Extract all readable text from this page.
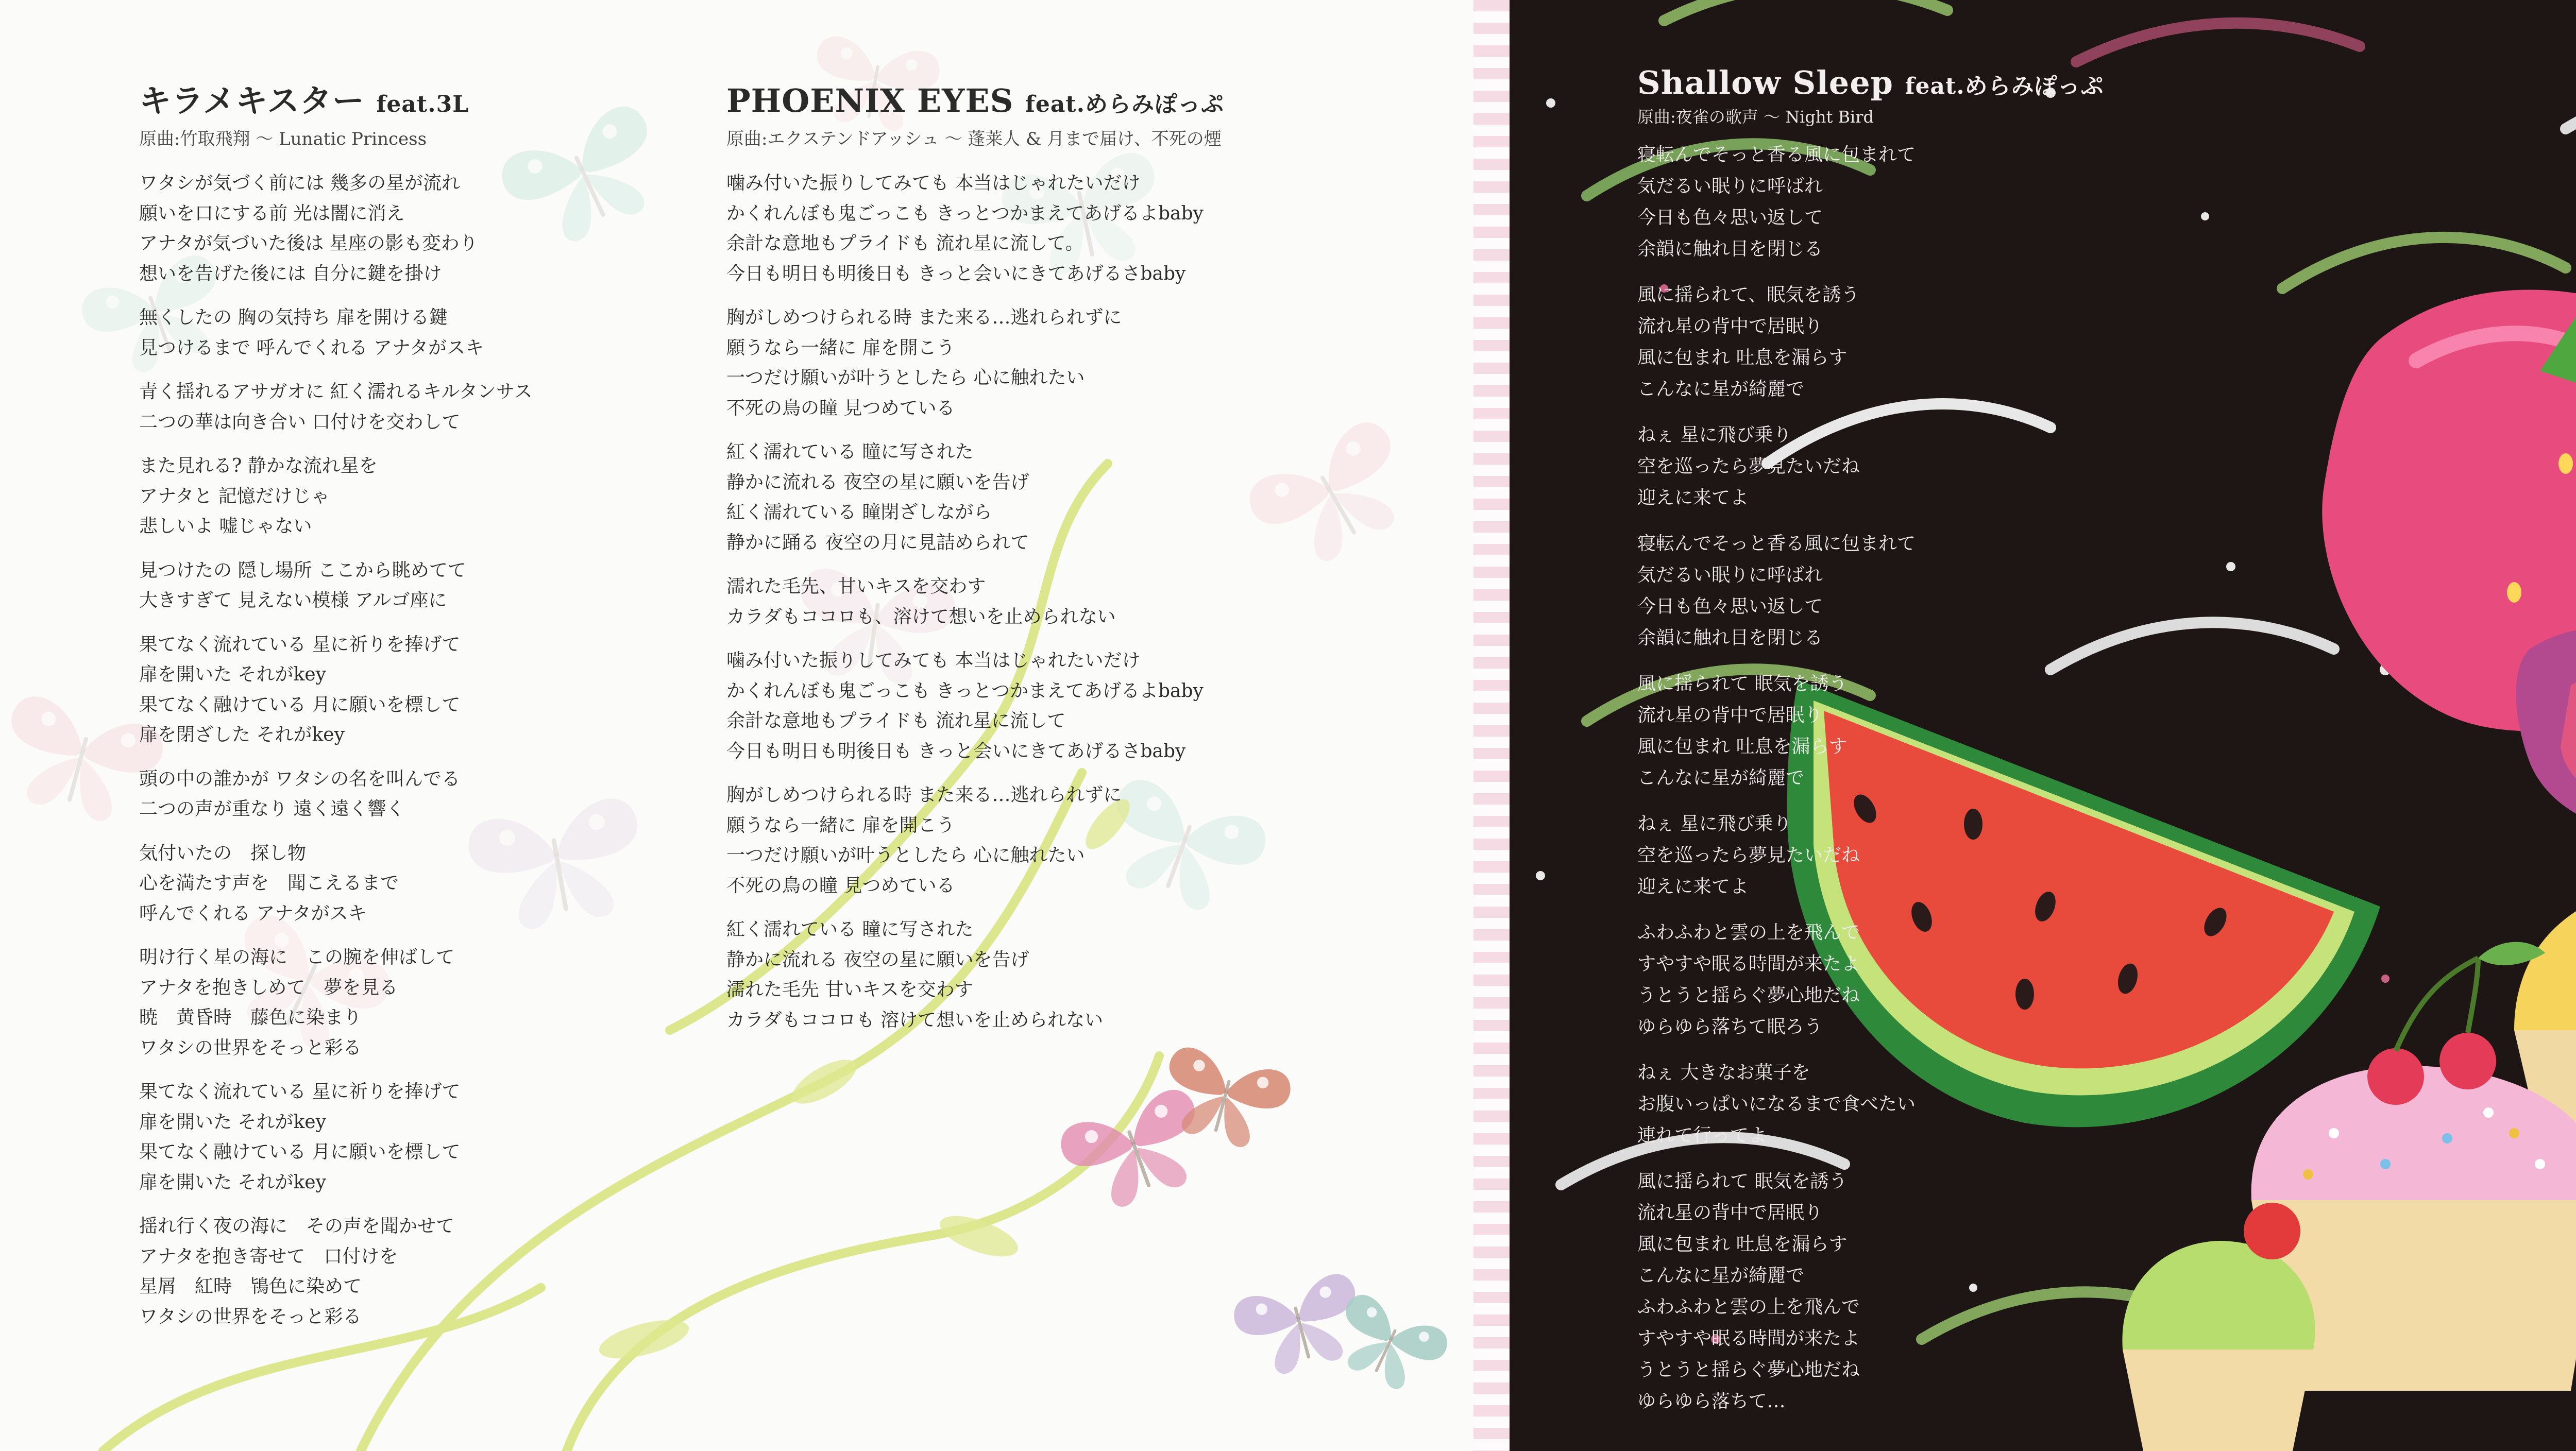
キラメキスター feat.3L
原曲:竹取飛翔 ～ Lunatic Princess
ワタシが気づく前には 幾多の星が流れ
願いを口にする前 光は闇に消え
アナタが気づいた後は 星座の影も変わり
想いを告げた後には 自分に鍵を掛け
無くしたの 胸の気持ち 扉を開ける鍵
見つけるまで 呼んでくれる アナタがスキ
青く揺れるアサガオに 紅く濡れるキルタンサス
二つの華は向き合い 口付けを交わして
また見れる? 静かな流れ星を
アナタと 記憶だけじゃ
悲しいよ 嘘じゃない
見つけたの 隠し場所 ここから眺めてて
大きすぎて 見えない模様 アルゴ座に
果てなく流れている 星に祈りを捧げて
扉を開いた それがkey
果てなく融けている 月に願いを標して
扉を閉ざした それがkey
頭の中の誰かが ワタシの名を叫んでる
二つの声が重なり 遠く遠く響く
気付いたの　探し物
心を満たす声を　聞こえるまで
呼んでくれる アナタがスキ
明け行く星の海に　この腕を伸ばして
アナタを抱きしめて　夢を見る
暁　黄昏時　藤色に染まり
ワタシの世界をそっと彩る
果てなく流れている 星に祈りを捧げて
扉を開いた それがkey
果てなく融けている 月に願いを標して
扉を開いた それがkey
揺れ行く夜の海に　その声を聞かせて
アナタを抱き寄せて　口付けを
星屑　紅時　鴇色に染めて
ワタシの世界をそっと彩る
PHOENIX EYES feat.めらみぽっぷ
原曲:エクステンドアッシュ ～ 蓬莱人 & 月まで届け、不死の煙
噛み付いた振りしてみても 本当はじゃれたいだけ
かくれんぼも鬼ごっこも きっとつかまえてあげるよbaby
余計な意地もプライドも 流れ星に流して。
今日も明日も明後日も きっと会いにきてあげるさbaby
胸がしめつけられる時 また来る…逃れられずに
願うなら一緒に 扉を開こう
一つだけ願いが叶うとしたら 心に触れたい
不死の鳥の瞳 見つめている
紅く濡れている 瞳に写された
静かに流れる 夜空の星に願いを告げ
紅く濡れている 瞳閉ざしながら
静かに踊る 夜空の月に見詰められて
濡れた毛先、甘いキスを交わす
カラダもココロも、溶けて想いを止められない
噛み付いた振りしてみても 本当はじゃれたいだけ
かくれんぼも鬼ごっこも きっとつかまえてあげるよbaby
余計な意地もプライドも 流れ星に流して
今日も明日も明後日も きっと会いにきてあげるさbaby
胸がしめつけられる時 また来る…逃れられずに
願うなら一緒に 扉を開こう
一つだけ願いが叶うとしたら 心に触れたい
不死の鳥の瞳 見つめている
紅く濡れている 瞳に写された
静かに流れる 夜空の星に願いを告げ
濡れた毛先 甘いキスを交わす
カラダもココロも 溶けて想いを止められない
Shallow Sleep feat.めらみぽっぷ
原曲:夜雀の歌声 ～ Night Bird
寝転んでそっと香る風に包まれて
気だるい眠りに呼ばれ
今日も色々思い返して
余韻に触れ目を閉じる
風に揺られて、眠気を誘う
流れ星の背中で居眠り
風に包まれ 吐息を漏らす
こんなに星が綺麗で
ねぇ 星に飛び乗り
空を巡ったら夢見たいだね
迎えに来てよ
寝転んでそっと香る風に包まれて
気だるい眠りに呼ばれ
今日も色々思い返して
余韻に触れ目を閉じる
風に揺られて 眠気を誘う
流れ星の背中で居眠り
風に包まれ 吐息を漏らす
こんなに星が綺麗で
ねぇ 星に飛び乗り
空を巡ったら夢見たいだね
迎えに来てよ
ふわふわと雲の上を飛んで
すやすや眠る時間が来たよ
うとうと揺らぐ夢心地だね
ゆらゆら落ちて眠ろう
ねぇ 大きなお菓子を
お腹いっぱいになるまで食べたい
連れて行ってよ
風に揺られて 眠気を誘う
流れ星の背中で居眠り
風に包まれ 吐息を漏らす
こんなに星が綺麗で
ふわふわと雲の上を飛んで
すやすや眠る時間が来たよ
うとうと揺らぐ夢心地だね
ゆらゆら落ちて…
